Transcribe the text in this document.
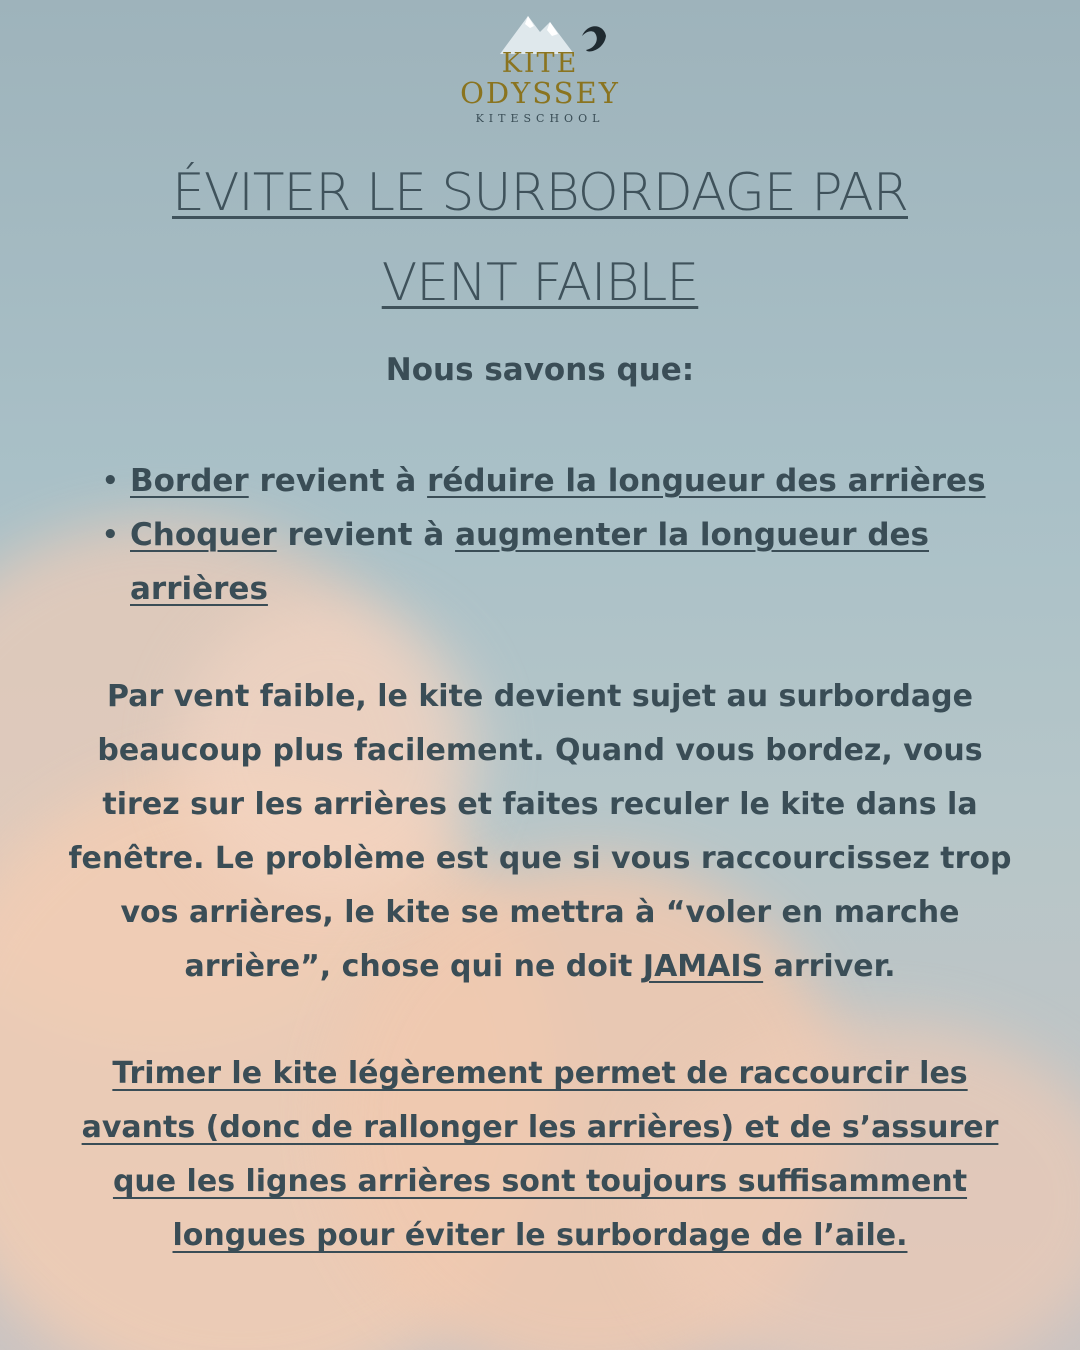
KITE
ODYSSEY
KITESCHOOL
ÉVITER LE SURBORDAGE PAR
VENT FAIBLE

Nous savons que:

• Border revient à réduire la longueur des arrières
• Choquer revient à augmenter la longueur des arrières

Par vent faible, le kite devient sujet au surbordage beaucoup plus facilement. Quand vous bordez, vous tirez sur les arrières et faites reculer le kite dans la fenêtre. Le problème est que si vous raccourcissez trop vos arrières, le kite se mettra à “voler en marche arrière”, chose qui ne doit JAMAIS arriver.

Trimer le kite légèrement permet de raccourcir les avants (donc de rallonger les arrières) et de s’assurer que les lignes arrières sont toujours suffisamment longues pour éviter le surbordage de l’aile.
